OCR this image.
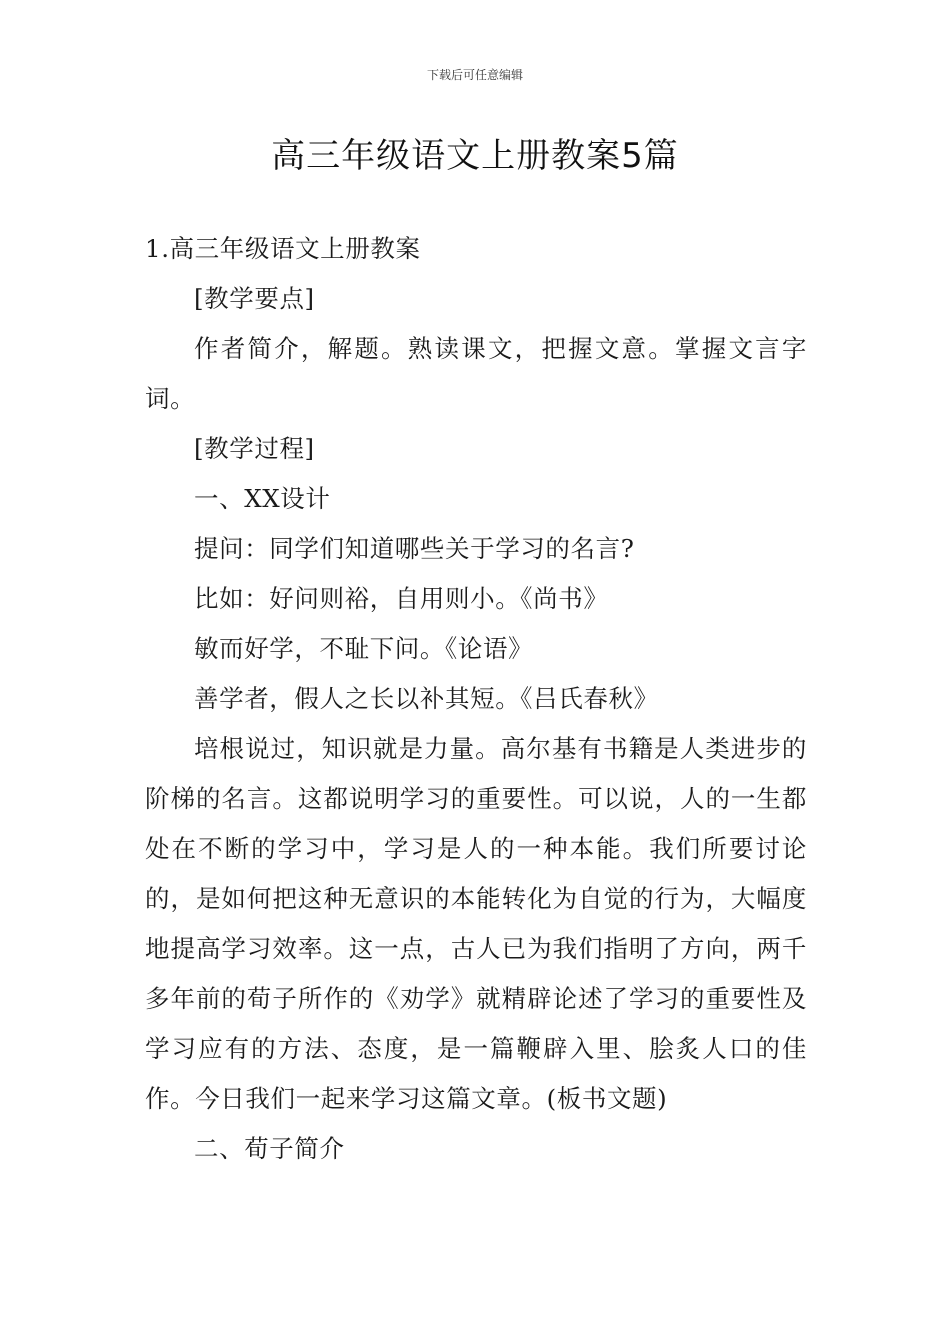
下载后可任意编辑
高三年级语文上册教案5篇

1.高三年级语文上册教案

[教学要点]

作者简介，解题。熟读课文，把握文意。掌握文言字词。

[教学过程]

一、XX设计

提问：同学们知道哪些关于学习的名言?

比如：好问则裕，自用则小。《尚书》

敏而好学，不耻下问。《论语》

善学者，假人之长以补其短。《吕氏春秋》

培根说过，知识就是力量。高尔基有书籍是人类进步的阶梯的名言。这都说明学习的重要性。可以说，人的一生都处在不断的学习中，学习是人的一种本能。我们所要讨论的，是如何把这种无意识的本能转化为自觉的行为，大幅度地提高学习效率。这一点，古人已为我们指明了方向，两千多年前的荀子所作的《劝学》就精辟论述了学习的重要性及学习应有的方法、态度，是一篇鞭辟入里、脍炙人口的佳作。今日我们一起来学习这篇文章。(板书文题)

二、荀子简介
